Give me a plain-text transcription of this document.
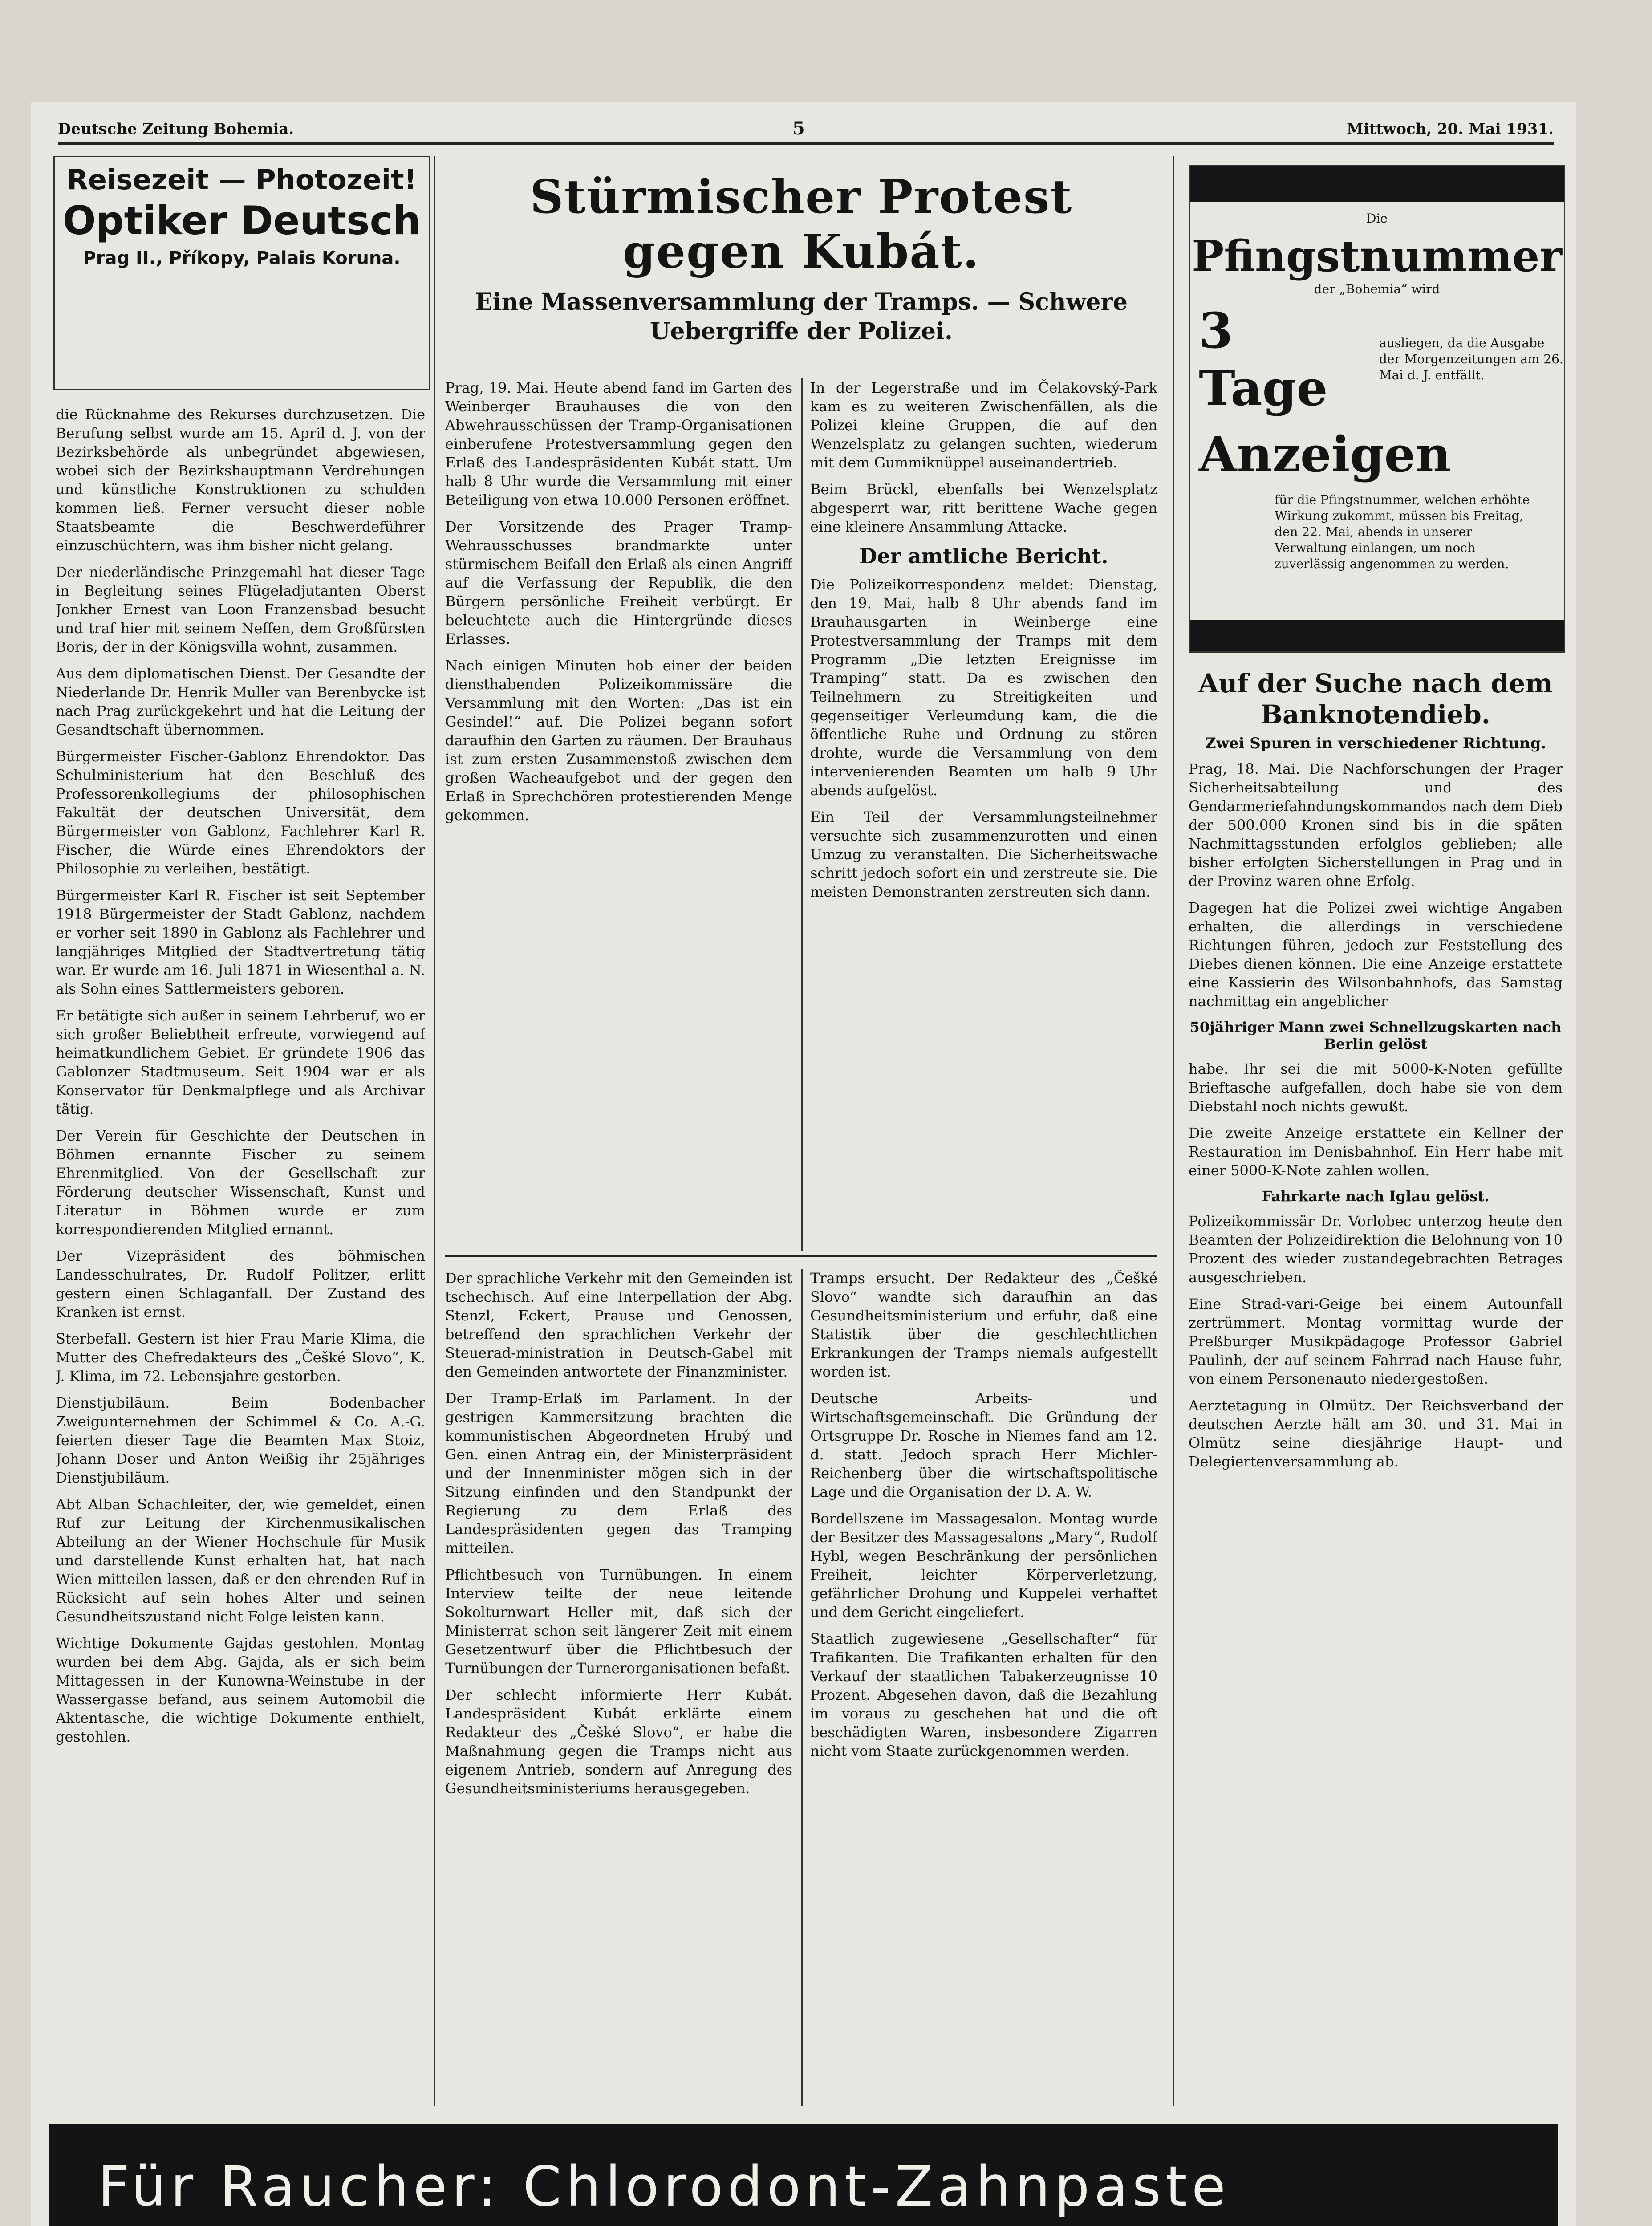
Deutsche Zeitung Bohemia.	5	Mittwoch, 20. Mai 1931.
Reisezeit — Photozeit!
Optiker Deutsch
Prag II., Příkopy, Palais Koruna.
Stürmischer Protest gegen Kubát.
Eine Massenversammlung der Tramps. — Schwere Uebergriffe der Polizei.
Die
Pfingstnummer
der „Bohemia“ wird
3 Tage
ausliegen, da die Ausgabe der Morgenzeitungen am 26. Mai d. J. entfällt.
Anzeigen
für die Pfingstnummer, welchen erhöhte Wirkung zukommt, müssen bis Freitag, den 22. Mai, abends in unserer Verwaltung einlangen, um noch zuverlässig angenommen zu werden.

die Rücknahme des Rekurses durchzusetzen. Die Berufung selbst wurde am 15. April d. J. von der Bezirksbehörde als unbegründet abgewiesen, wobei sich der Bezirkshauptmann Verdrehungen und künstliche Konstruktionen zu schulden kommen ließ. Ferner versucht dieser noble Staatsbeamte die Beschwerdeführer einzuschüchtern, was ihm bisher nicht gelang.

Der niederländische Prinzgemahl hat dieser Tage in Begleitung seines Flügeladjutanten Oberst Jonkher Ernest van Loon Franzensbad besucht und traf hier mit seinem Neffen, dem Großfürsten Boris, der in der Königsvilla wohnt, zusammen.

Aus dem diplomatischen Dienst. Der Gesandte der Niederlande Dr. Henrik Muller van Berenbycke ist nach Prag zurückgekehrt und hat die Leitung der Gesandtschaft übernommen.

Bürgermeister Fischer-Gablonz Ehrendoktor. Das Schulministerium hat den Beschluß des Professorenkollegiums der philosophischen Fakultät der deutschen Universität, dem Bürgermeister von Gablonz, Fachlehrer Karl R. Fischer, die Würde eines Ehrendoktors der Philosophie zu verleihen, bestätigt.

Bürgermeister Karl R. Fischer ist seit September 1918 Bürgermeister der Stadt Gablonz, nachdem er vorher seit 1890 in Gablonz als Fachlehrer und langjähriges Mitglied der Stadtvertretung tätig war. Er wurde am 16. Juli 1871 in Wiesenthal a. N. als Sohn eines Sattlermeisters geboren.

Er betätigte sich außer in seinem Lehrberuf, wo er sich großer Beliebtheit erfreute, vorwiegend auf heimatkundlichem Gebiet. Er gründete 1906 das Gablonzer Stadtmuseum. Seit 1904 war er als Konservator für Denkmalpflege und als Archivar tätig.

Der Verein für Geschichte der Deutschen in Böhmen ernannte Fischer zu seinem Ehrenmitglied. Von der Gesellschaft zur Förderung deutscher Wissenschaft, Kunst und Literatur in Böhmen wurde er zum korrespondierenden Mitglied ernannt.

Der Vizepräsident des böhmischen Landesschulrates, Dr. Rudolf Politzer, erlitt gestern einen Schlaganfall. Der Zustand des Kranken ist ernst.

Sterbefall. Gestern ist hier Frau Marie Klima, die Mutter des Chefredakteurs des „Češké Slovo“, K. J. Klima, im 72. Lebensjahre gestorben.

Dienstjubiläum. Beim Bodenbacher Zweigunternehmen der Schimmel & Co. A.-G. feierten dieser Tage die Beamten Max Stoiz, Johann Doser und Anton Weißig ihr 25jähriges Dienstjubiläum.

Abt Alban Schachleiter, der, wie gemeldet, einen Ruf zur Leitung der Kirchenmusikalischen Abteilung an der Wiener Hochschule für Musik und darstellende Kunst erhalten hat, hat nach Wien mitteilen lassen, daß er den ehrenden Ruf in Rücksicht auf sein hohes Alter und seinen Gesundheitszustand nicht Folge leisten kann.

Wichtige Dokumente Gajdas gestohlen. Montag wurden bei dem Abg. Gajda, als er sich beim Mittagessen in der Kunowna-Weinstube in der Wassergasse befand, aus seinem Automobil die Aktentasche, die wichtige Dokumente enthielt, gestohlen.

Prag, 19. Mai. Heute abend fand im Garten des Weinberger Brauhauses die von den Abwehrausschüssen der Tramp-Organisationen einberufene Protestversammlung gegen den Erlaß des Landespräsidenten Kubát statt. Um halb 8 Uhr wurde die Versammlung mit einer Beteiligung von etwa 10.000 Personen eröffnet.

Der Vorsitzende des Prager Tramp-Wehrausschusses brandmarkte unter stürmischem Beifall den Erlaß als einen Angriff auf die Verfassung der Republik, die den Bürgern persönliche Freiheit verbürgt. Er beleuchtete auch die Hintergründe dieses Erlasses.

Nach einigen Minuten hob einer der beiden diensthabenden Polizeikommissäre die Versammlung mit den Worten: „Das ist ein Gesindel!“ auf. Die Polizei begann sofort daraufhin den Garten zu räumen. Der Brauhaus ist zum ersten Zusammenstoß zwischen dem großen Wacheaufgebot und der gegen den Erlaß in Sprechchören protestierenden Menge gekommen.

In der Legerstraße und im Čelakovský-Park kam es zu weiteren Zwischenfällen, als die Polizei kleine Gruppen, die auf den Wenzelsplatz zu gelangen suchten, wiederum mit dem Gummiknüppel auseinandertrieb.

Beim Brückl, ebenfalls bei Wenzelsplatz abgesperrt war, ritt berittene Wache gegen eine kleinere Ansammlung Attacke.

Der amtliche Bericht.

Die Polizeikorrespondenz meldet: Dienstag, den 19. Mai, halb 8 Uhr abends fand im Brauhausgarten in Weinberge eine Protestversammlung der Tramps mit dem Programm „Die letzten Ereignisse im Tramping“ statt. Da es zwischen den Teilnehmern zu Streitigkeiten und gegenseitiger Verleumdung kam, die die öffentliche Ruhe und Ordnung zu stören drohte, wurde die Versammlung von dem intervenierenden Beamten um halb 9 Uhr abends aufgelöst.

Ein Teil der Versammlungsteilnehmer versuchte sich zusammenzurotten und einen Umzug zu veranstalten. Die Sicherheitswache schritt jedoch sofort ein und zerstreute sie. Die meisten Demonstranten zerstreuten sich dann.

Der sprachliche Verkehr mit den Gemeinden ist tschechisch. Auf eine Interpellation der Abg. Stenzl, Eckert, Prause und Genossen, betreffend den sprachlichen Verkehr der Steuerad-ministration in Deutsch-Gabel mit den Gemeinden antwortete der Finanzminister.

Der Tramp-Erlaß im Parlament. In der gestrigen Kammersitzung brachten die kommunistischen Abgeordneten Hrubý und Gen. einen Antrag ein, der Ministerpräsident und der Innenminister mögen sich in der Sitzung einfinden und den Standpunkt der Regierung zu dem Erlaß des Landespräsidenten gegen das Tramping mitteilen.

Pflichtbesuch von Turnübungen. In einem Interview teilte der neue leitende Sokolturnwart Heller mit, daß sich der Ministerrat schon seit längerer Zeit mit einem Gesetzentwurf über die Pflichtbesuch der Turnübungen der Turnerorganisationen befaßt.

Der schlecht informierte Herr Kubát. Landespräsident Kubát erklärte einem Redakteur des „Češké Slovo“, er habe die Maßnahmung gegen die Tramps nicht aus eigenem Antrieb, sondern auf Anregung des Gesundheitsministeriums herausgegeben.

Tramps ersucht. Der Redakteur des „Češké Slovo“ wandte sich daraufhin an das Gesundheitsministerium und erfuhr, daß eine Statistik über die geschlechtlichen Erkrankungen der Tramps niemals aufgestellt worden ist.

Deutsche Arbeits- und Wirtschaftsgemeinschaft. Die Gründung der Ortsgruppe Dr. Rosche in Niemes fand am 12. d. statt. Jedoch sprach Herr Michler-Reichenberg über die wirtschaftspolitische Lage und die Organisation der D. A. W.

Bordellszene im Massagesalon. Montag wurde der Besitzer des Massagesalons „Mary“, Rudolf Hybl, wegen Beschränkung der persönlichen Freiheit, leichter Körperverletzung, gefährlicher Drohung und Kuppelei verhaftet und dem Gericht eingeliefert.

Staatlich zugewiesene „Gesellschafter“ für Trafikanten. Die Trafikanten erhalten für den Verkauf der staatlichen Tabakerzeugnisse 10 Prozent. Abgesehen davon, daß die Bezahlung im voraus zu geschehen hat und die oft beschädigten Waren, insbesondere Zigarren nicht vom Staate zurückgenommen werden.

Auf der Suche nach dem Banknotendieb.
Zwei Spuren in verschiedener Richtung.

Prag, 18. Mai. Die Nachforschungen der Prager Sicherheitsabteilung und des Gendarmeriefahndungskommandos nach dem Dieb der 500.000 Kronen sind bis in die späten Nachmittagsstunden erfolglos geblieben; alle bisher erfolgten Sicherstellungen in Prag und in der Provinz waren ohne Erfolg.

Dagegen hat die Polizei zwei wichtige Angaben erhalten, die allerdings in verschiedene Richtungen führen, jedoch zur Feststellung des Diebes dienen können. Die eine Anzeige erstattete eine Kassierin des Wilsonbahnhofs, das Samstag nachmittag ein angeblicher

50jähriger Mann zwei Schnellzugskarten nach Berlin gelöst

habe. Ihr sei die mit 5000-K-Noten gefüllte Brieftasche aufgefallen, doch habe sie von dem Diebstahl noch nichts gewußt.

Die zweite Anzeige erstattete ein Kellner der Restauration im Denisbahnhof. Ein Herr habe mit einer 5000-K-Note zahlen wollen.

Fahrkarte nach Iglau gelöst.

Polizeikommissär Dr. Vorlobec unterzog heute den Beamten der Polizeidirektion die Belohnung von 10 Prozent des wieder zustandegebrachten Betrages ausgeschrieben.

Eine Strad-vari-Geige bei einem Autounfall zertrümmert. Montag vormittag wurde der Preßburger Musikpädagoge Professor Gabriel Paulinh, der auf seinem Fahrrad nach Hause fuhr, von einem Personenauto niedergestoßen.

Aerztetagung in Olmütz. Der Reichsverband der deutschen Aerzte hält am 30. und 31. Mai in Olmütz seine diesjährige Haupt- und Delegiertenversammlung ab.

Für Raucher: Chlorodont-Zahnpaste
